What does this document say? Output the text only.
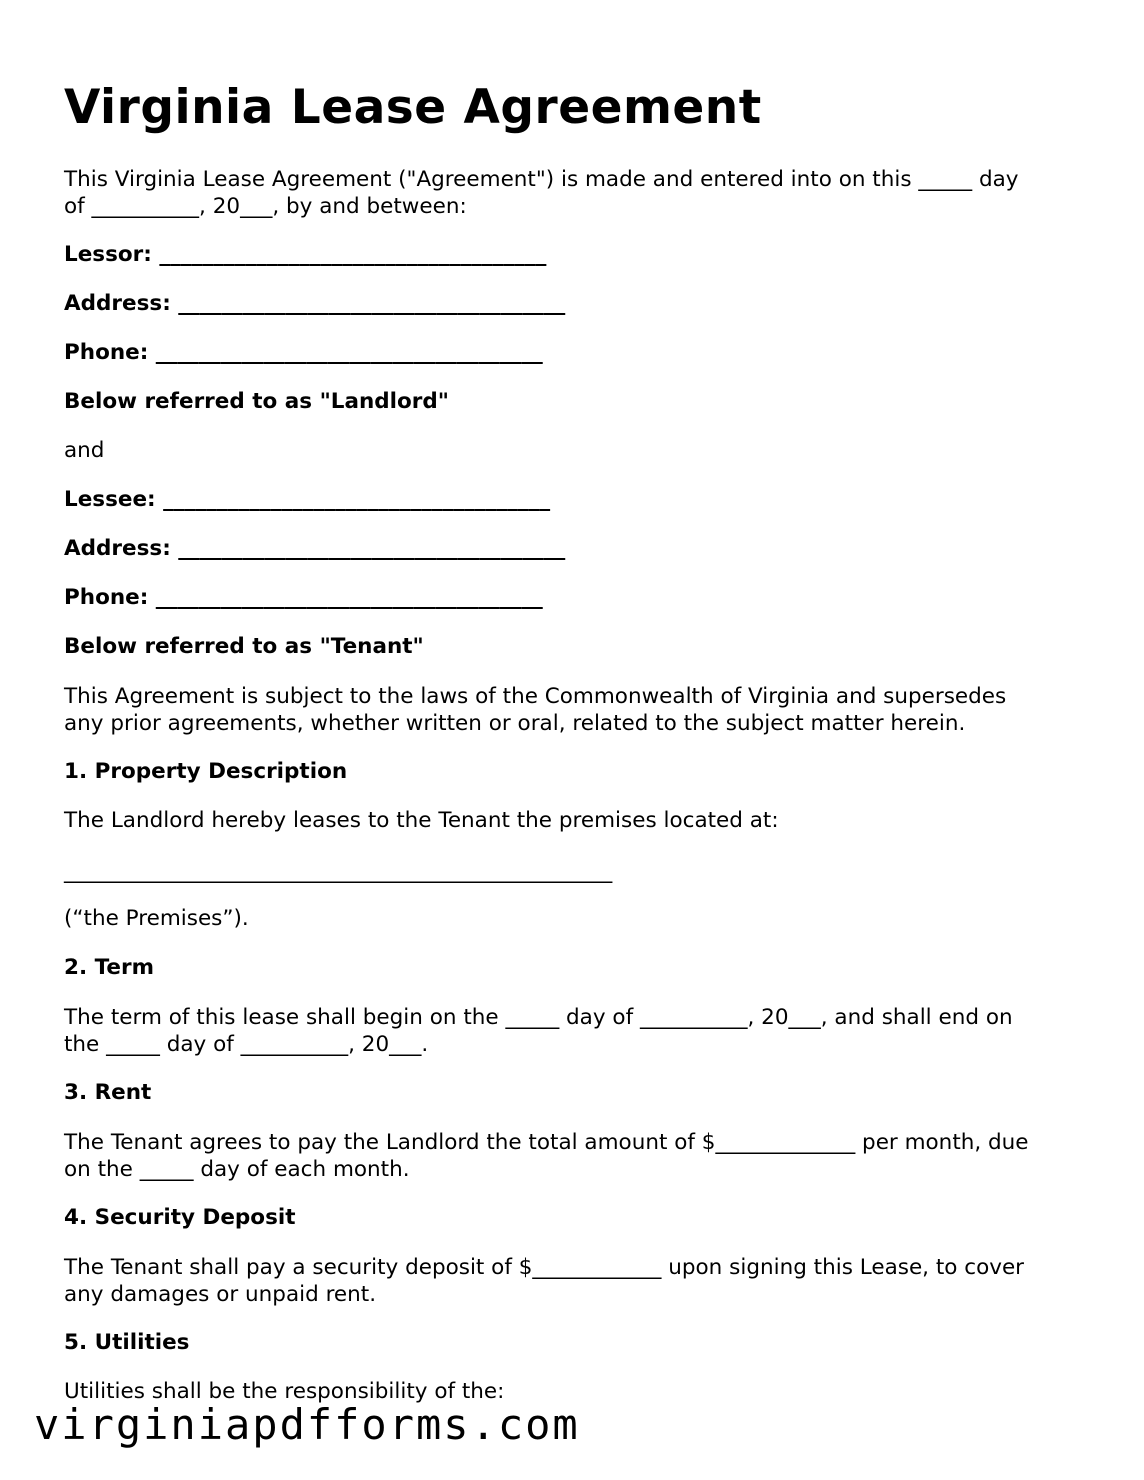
Virginia Lease Agreement

This Virginia Lease Agreement ("Agreement") is made and entered into on this _____ day

of __________, 20___, by and between:

Lessor: ____________________________________

Address: ____________________________________

Phone: ____________________________________

Below referred to as "Landlord"

and

Lessee: ____________________________________

Address: ____________________________________

Phone: ____________________________________

Below referred to as "Tenant"

This Agreement is subject to the laws of the Commonwealth of Virginia and supersedes

any prior agreements, whether written or oral, related to the subject matter herein.

1. Property Description

The Landlord hereby leases to the Tenant the premises located at:

___________________________________________________

(“the Premises”).

2. Term

The term of this lease shall begin on the _____ day of __________, 20___, and shall end on

the _____ day of __________, 20___.

3. Rent

The Tenant agrees to pay the Landlord the total amount of $_____________ per month, due

on the _____ day of each month.

4. Security Deposit

The Tenant shall pay a security deposit of $____________ upon signing this Lease, to cover

any damages or unpaid rent.

5. Utilities

Utilities shall be the responsibility of the:

virginiapdfforms.com
